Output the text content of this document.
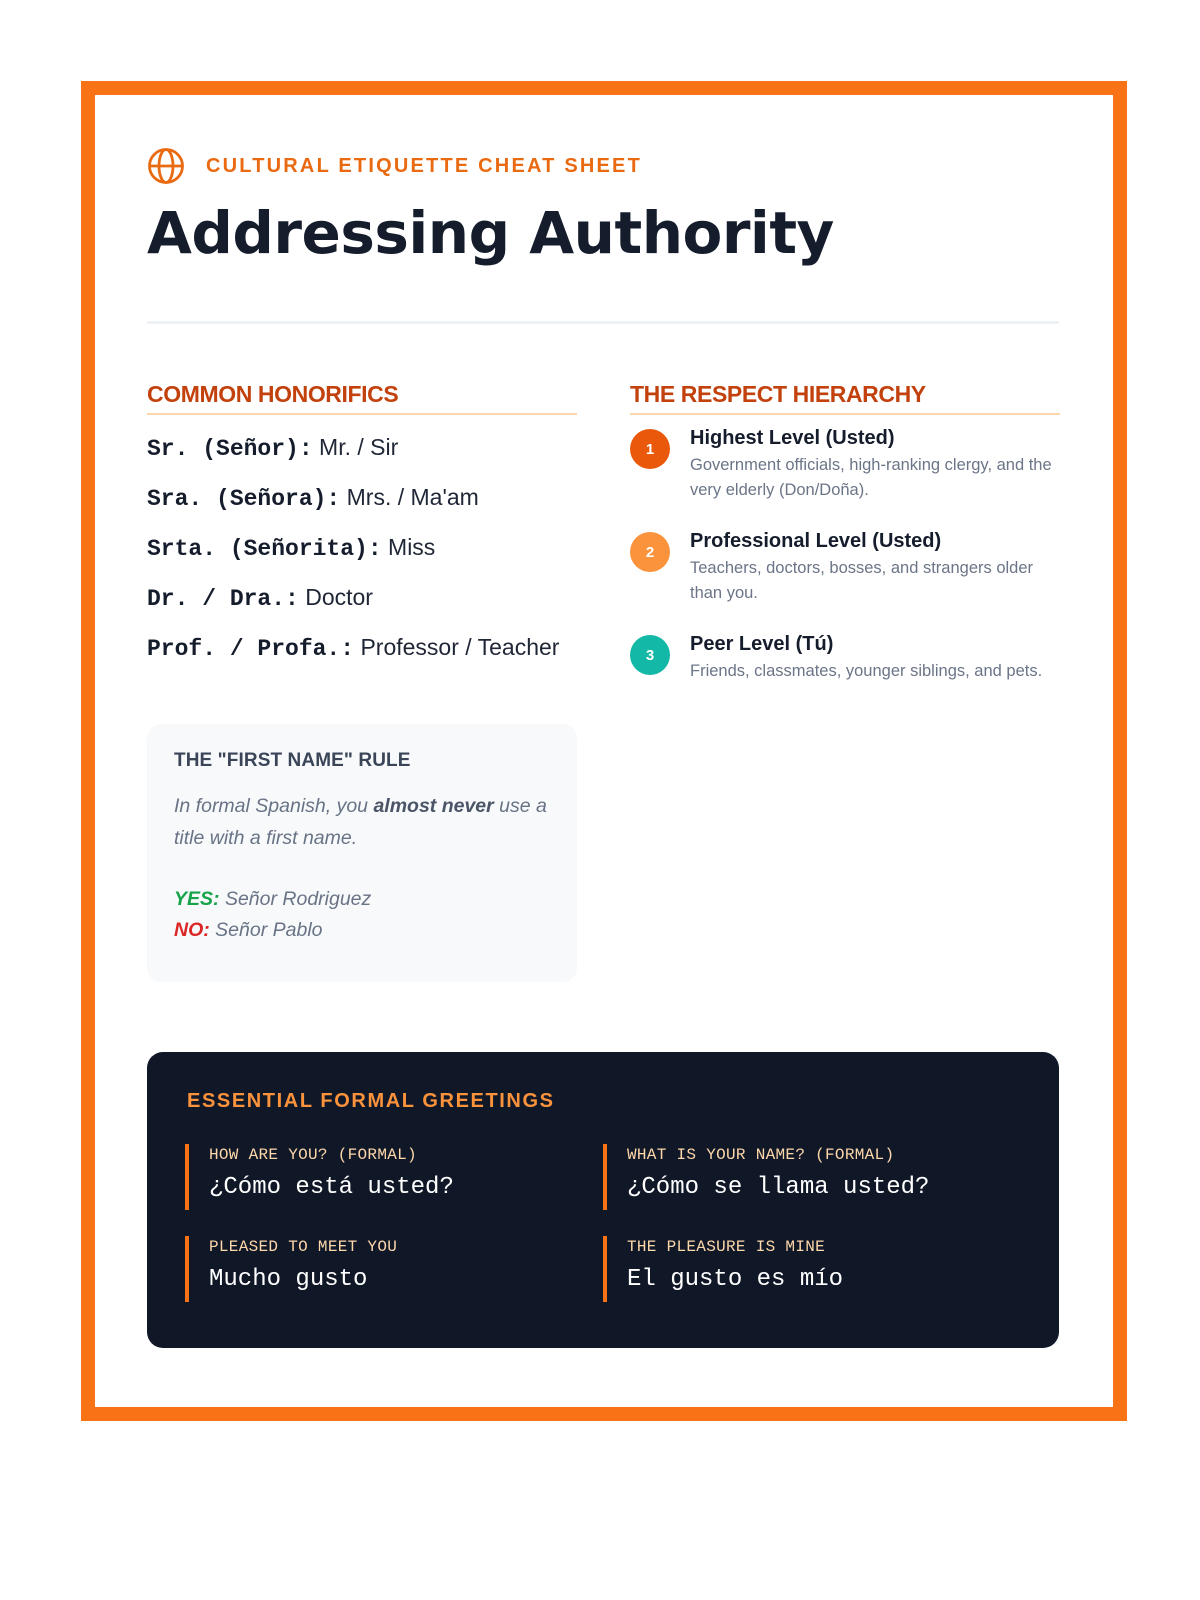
CULTURAL ETIQUETTE CHEAT SHEET
Addressing Authority
COMMON HONORIFICS
Sr. (Señor): Mr. / Sir
Sra. (Señora): Mrs. / Ma'am
Srta. (Señorita): Miss
Dr. / Dra.: Doctor
Prof. / Profa.: Professor / Teacher
THE "FIRST NAME" RULE
In formal Spanish, you almost never use a title with a first name.
YES: Señor Rodriguez
NO: Señor Pablo
THE RESPECT HIERARCHY
1	Highest Level (Usted)
Government officials, high-ranking clergy, and the very elderly (Don/Doña).
2	Professional Level (Usted)
Teachers, doctors, bosses, and strangers older than you.
3	Peer Level (Tú)
Friends, classmates, younger siblings, and pets.
ESSENTIAL FORMAL GREETINGS
HOW ARE YOU? (FORMAL)
¿Cómo está usted?
WHAT IS YOUR NAME? (FORMAL)
¿Cómo se llama usted?
PLEASED TO MEET YOU
Mucho gusto
THE PLEASURE IS MINE
El gusto es mío
